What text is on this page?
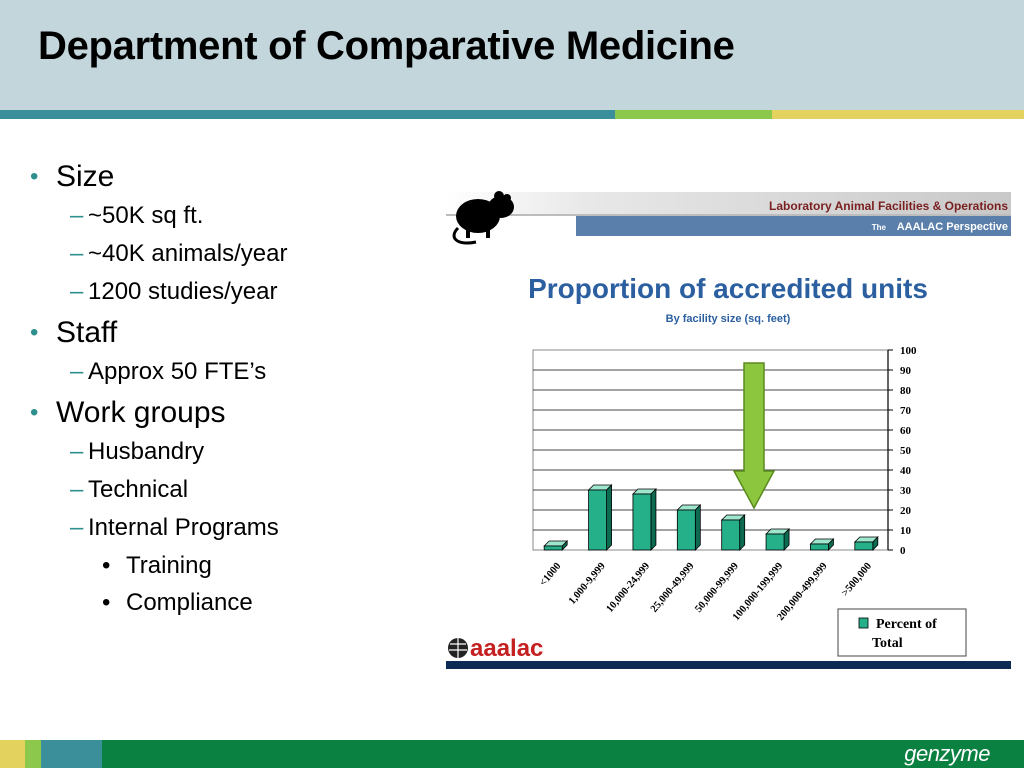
Department of Comparative Medicine
• Size
– ~50K sq ft.
– ~40K animals/year
– 1200 studies/year
• Staff
– Approx 50 FTE’s
• Work groups
– Husbandry
– Technical
– Internal Programs
• Training
• Compliance
Laboratory Animal Facilities & Operations
The AAALAC Perspective
Proportion of accredited units
By facility size (sq. feet)
0
10
20
30
40
50
60
70
80
90
100
<1000 1,000-9,999
10,000-24,999
25,000-49,999
50,000-99,999
100,000-199,999
200,000-499,999 >500,000
Percent of
Total
aaalac
genzyme
